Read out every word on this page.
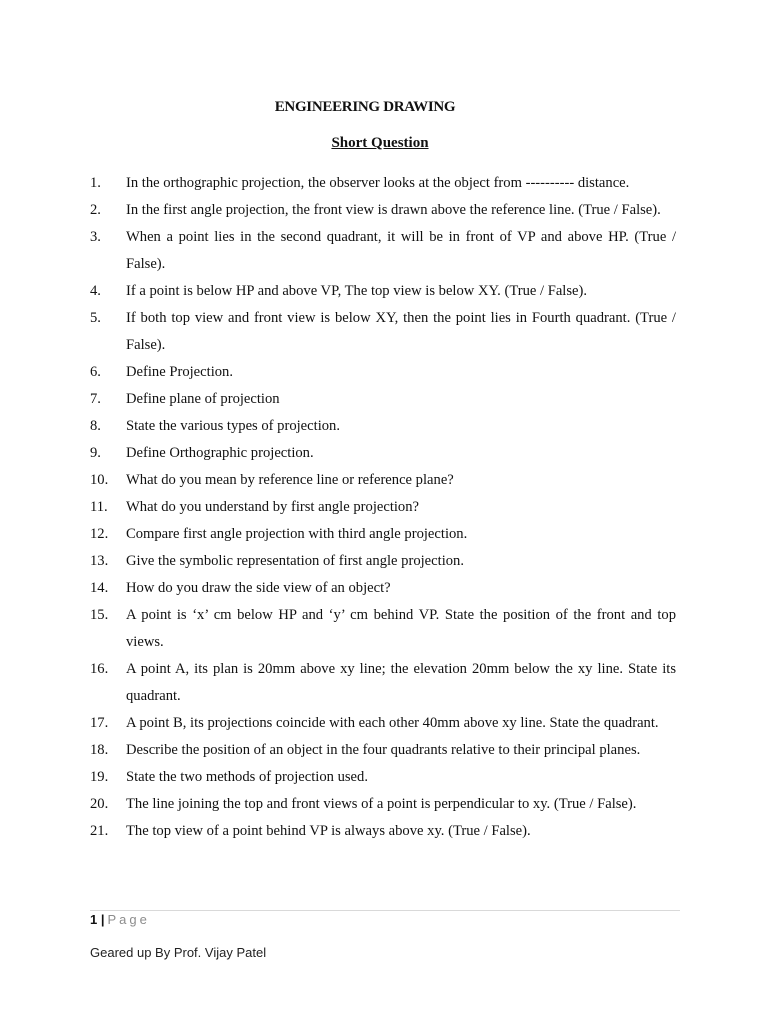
ENGINEERING DRAWING
Short Question
1.	In the orthographic projection, the observer looks at the object from ---------- distance.
2.	In the first angle projection, the front view is drawn above the reference line. (True / False).
3.	When a point lies in the second quadrant, it will be in front of VP and above HP. (True / False).
4.	If a point is below HP and above VP, The top view is below XY. (True / False).
5.	If both top view and front view is below XY, then the point lies in Fourth quadrant. (True / False).
6.	Define Projection.
7.	Define plane of projection
8.	State the various types of projection.
9.	Define Orthographic projection.
10.	What do you mean by reference line or reference plane?
11.	What do you understand by first angle projection?
12.	Compare first angle projection with third angle projection.
13.	Give the symbolic representation of first angle projection.
14.	How do you draw the side view of an object?
15.	A point is ‘x’ cm below HP and ‘y’ cm behind VP. State the position of the front and top views.
16.	A point A, its plan is 20mm above xy line; the elevation 20mm below the xy line. State its quadrant.
17.	A point B, its projections coincide with each other 40mm above xy line. State the quadrant.
18.	Describe the position of an object in the four quadrants relative to their principal planes.
19.	State the two methods of projection used.
20.	The line joining the top and front views of a point is perpendicular to xy. (True / False).
21.	The top view of a point behind VP is always above xy. (True / False).
1 | Page
Geared up By Prof. Vijay Patel
